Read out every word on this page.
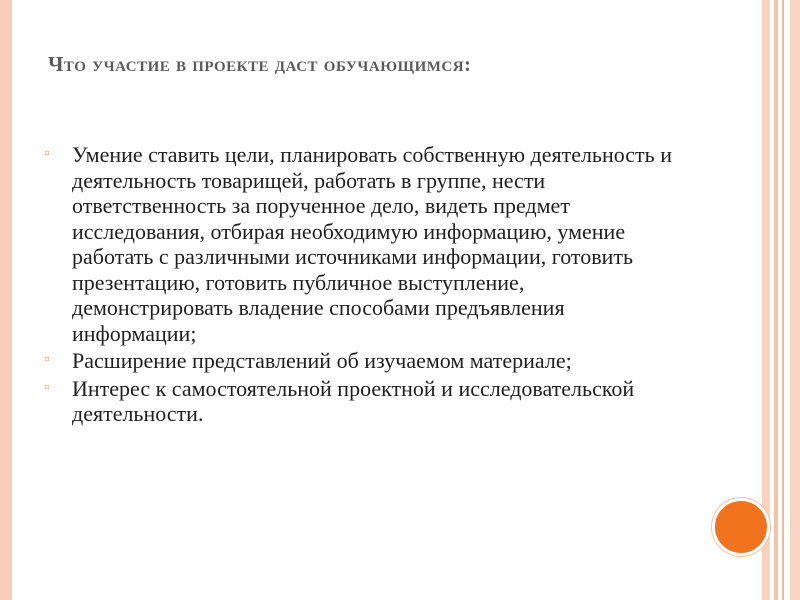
Что участие в проекте даст обучающимся:
▫	Умение ставить цели, планировать собственную деятельность и деятельность товарищей, работать в группе, нести ответственность за порученное дело, видеть предмет исследования, отбирая необходимую информацию, умение работать с различными источниками информации, готовить презентацию, готовить публичное выступление, демонстрировать владение способами предъявления информации;
▫	Расширение представлений об изучаемом материале;
▫	Интерес к самостоятельной проектной и исследовательской деятельности.
